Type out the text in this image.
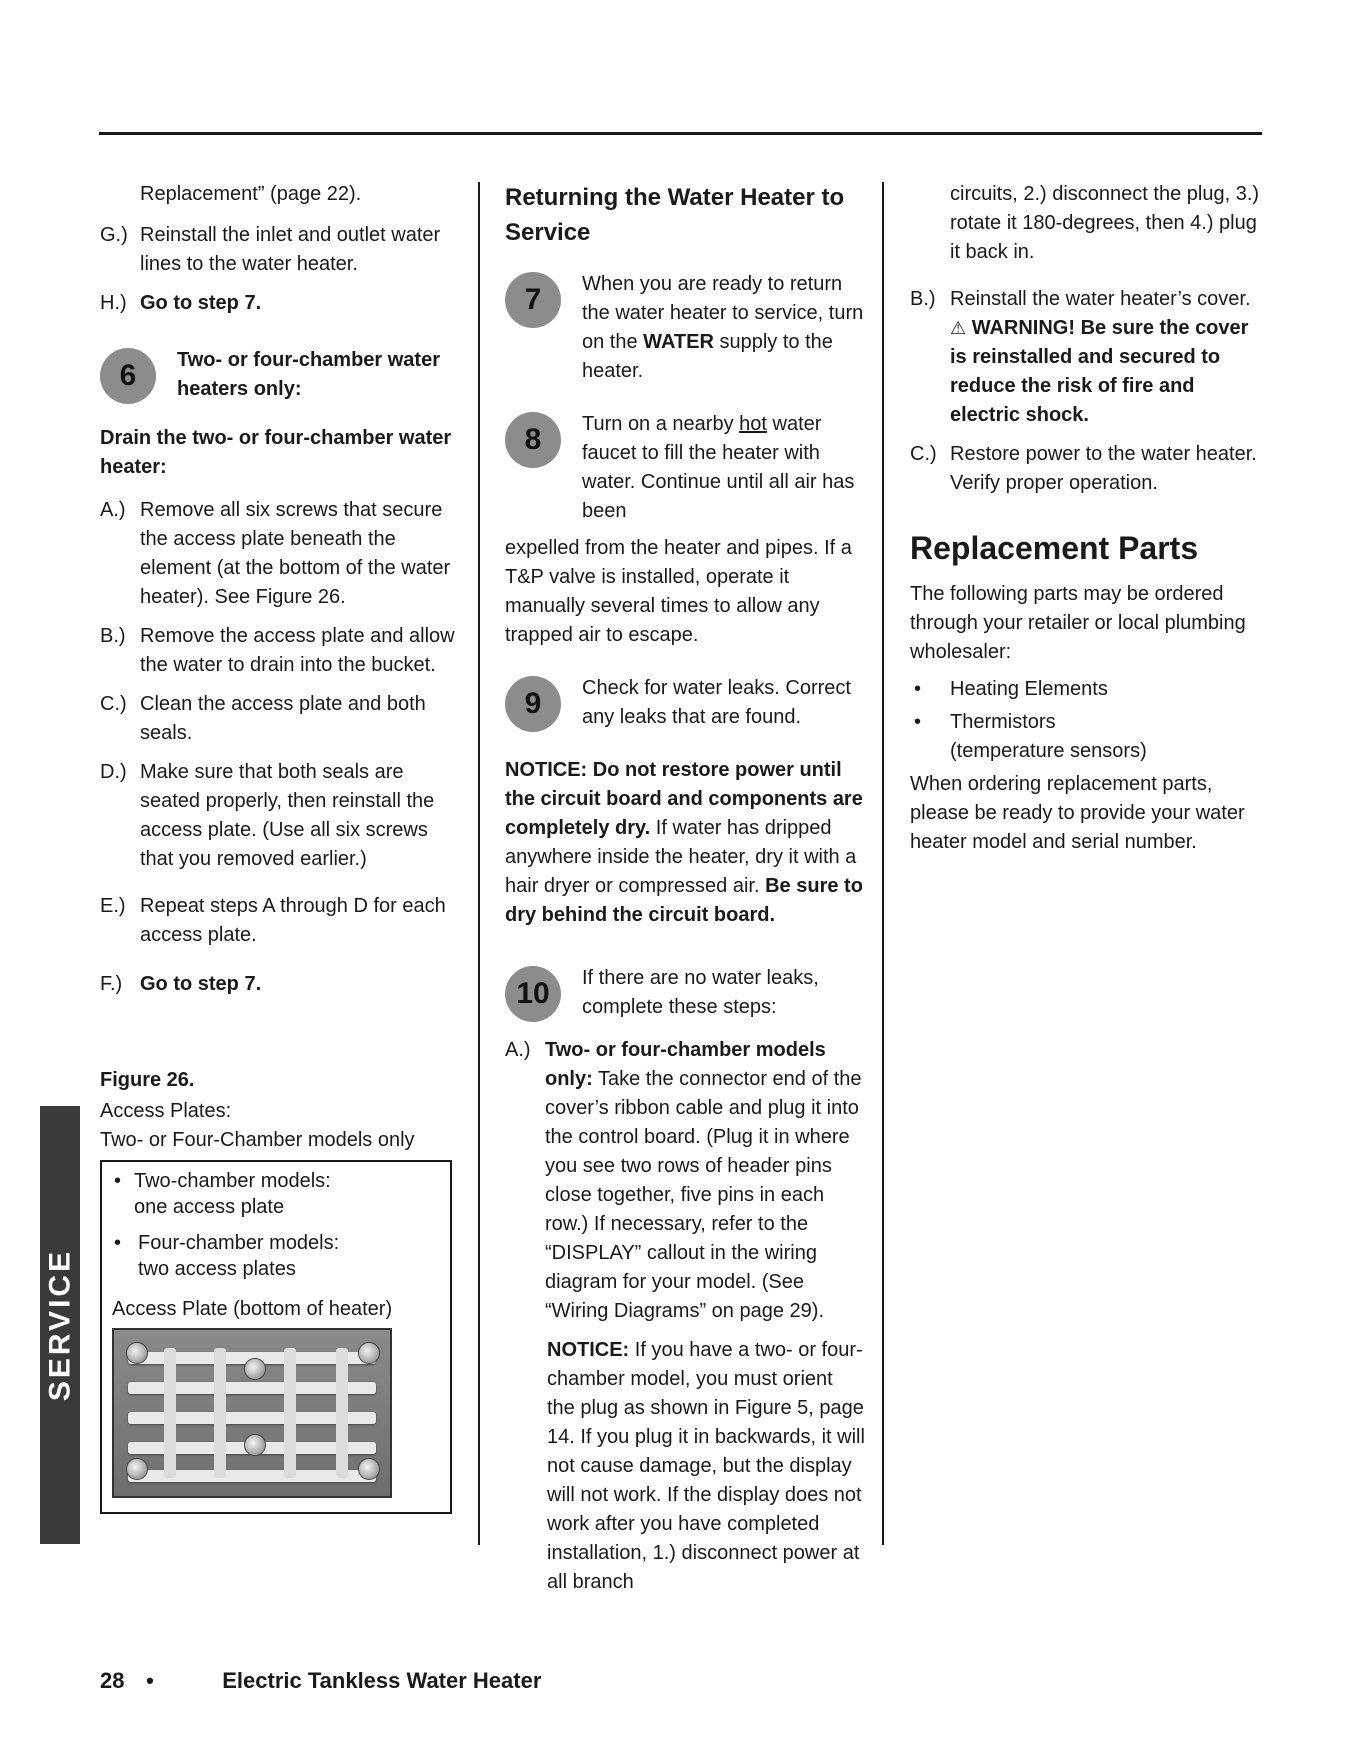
Replacement” (page 22).
G.) Reinstall the inlet and outlet water lines to the water heater.
H.) Go to step 7.
6	Two- or four-chamber water heaters only:
Drain the two- or four-chamber water heater:
A.) Remove all six screws that secure the access plate beneath the element (at the bottom of the water heater). See Figure 26.
B.) Remove the access plate and allow the water to drain into the bucket.
C.) Clean the access plate and both seals.
D.) Make sure that both seals are seated properly, then reinstall the access plate. (Use all six screws that you removed earlier.)
E.) Repeat steps A through D for each access plate.
F.) Go to step 7.
Figure 26.
Access Plates:
Two- or Four-Chamber models only
• Two-chamber models:
one access plate
• Four-chamber models:
two access plates
Access Plate (bottom of heater)
Returning the Water Heater to Service
7	When you are ready to return the water heater to service, turn on the WATER supply to the heater.
8	Turn on a nearby hot water faucet to fill the heater with water. Continue until all air has been
expelled from the heater and pipes. If a T&P valve is installed, operate it manually several times to allow any trapped air to escape.
9	Check for water leaks. Correct any leaks that are found.
NOTICE: Do not restore power until the circuit board and components are completely dry. If water has dripped anywhere inside the heater, dry it with a hair dryer or compressed air. Be sure to dry behind the circuit board.
10	If there are no water leaks, complete these steps:
A.) Two- or four-chamber models only: Take the connector end of the cover’s ribbon cable and plug it into the control board. (Plug it in where you see two rows of header pins close together, five pins in each row.) If necessary, refer to the “DISPLAY” callout in the wiring diagram for your model. (See “Wiring Diagrams” on page 29).
NOTICE: If you have a two- or four-chamber model, you must orient the plug as shown in Figure 5, page 14. If you plug it in backwards, it will not cause damage, but the display will not work. If the display does not work after you have completed installation, 1.) disconnect power at all branch
circuits, 2.) disconnect the plug, 3.) rotate it 180-degrees, then 4.) plug it back in.
B.) Reinstall the water heater’s cover.
⚠ WARNING! Be sure the cover is reinstalled and secured to reduce the risk of fire and electric shock.
C.) Restore power to the water heater. Verify proper operation.
Replacement Parts
The following parts may be ordered through your retailer or local plumbing wholesaler:
• Heating Elements
• Thermistors
(temperature sensors)
When ordering replacement parts, please be ready to provide your water heater model and serial number.
SERVICE
28 •	Electric Tankless Water Heater
